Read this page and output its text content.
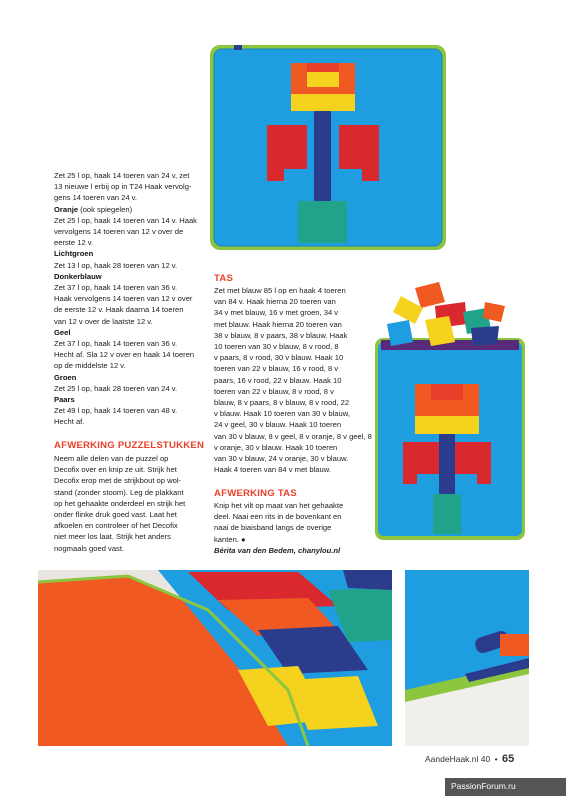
Zet 25 l op, haak 14 toeren van 24 v, zet

13 nieuwe l erbij op in T24 Haak vervolg-

gens 14 toeren van 24 v.

Oranje (ook spiegelen)

Zet 25 l op, haak 14 toeren van 14 v. Haak

vervolgens 14 toeren van 12 v over de

eerste 12 v.

Lichtgroen

Zet 13 l op, haak 28 toeren van 12 v.

Donkerblauw

Zet 37 l op, haak 14 toeren van 36 v.

Haak vervolgens 14 toeren van 12 v over

de eerste 12 v. Haak daarna 14 toeren

van 12 v over de laatste 12 v.

Geel

Zet 37 l op, haak 14 toeren van 36 v.

Hecht af. Sla 12 v over en haak 14 toeren

op de middelste 12 v.

Groen

Zet 25 l op, haak 28 toeren van 24 v.

Paars

Zet 49 l op, haak 14 toeren van 48 v.

Hecht af.

AFWERKING PUZZELSTUKKEN

Neem alle delen van de puzzel op

Decofix over en knip ze uit. Strijk het

Decofix erop met de strijkbout op wol-

stand (zonder stoom). Leg de plakkant

op het gehaakte onderdeel en strijk het

onder flinke druk goed vast. Laat het

afkoelen en controleer of het Decofix

niet meer los laat. Strijk het anders

nogmaals goed vast.

TAS

Zet met blauw 85 l op en haak 4 toeren

van 84 v. Haak hierna 20 toeren van

34 v met blauw, 16 v met groen, 34 v

met blauw. Haak hierna 20 toeren van

38 v blauw, 8 v paars, 38 v blauw. Haak

10 toeren van 30 v blauw, 8 v rood, 8

v paars, 8 v rood, 30 v blauw. Haak 10

toeren van 22 v blauw, 16 v rood, 8 v

paars, 16 v rood, 22 v blauw. Haak 10

toeren van 22 v blauw, 8 v rood, 8 v

blauw, 8 v paars, 8 v blauw, 8 v rood, 22

v blauw. Haak 10 toeren van 30 v blauw,

24 v geel, 30 v blauw. Haak 10 toeren

van 30 v blauw, 8 v geel, 8 v oranje, 8 v geel, 8

v oranje, 30 v blauw. Haak 10 toeren

van 30 v blauw, 24 v oranje, 30 v blauw.

Haak 4 toeren van 84 v met blauw.

AFWERKING TAS

Knip het vilt op maat van het gehaakte

deel. Naai een rits in de bovenkant en

naai de biaisband langs de overige

kanten. ●

Bérita van den Bedem, chanylou.nl

AandeHaak.nl 40 • 65
PassionForum.ru
